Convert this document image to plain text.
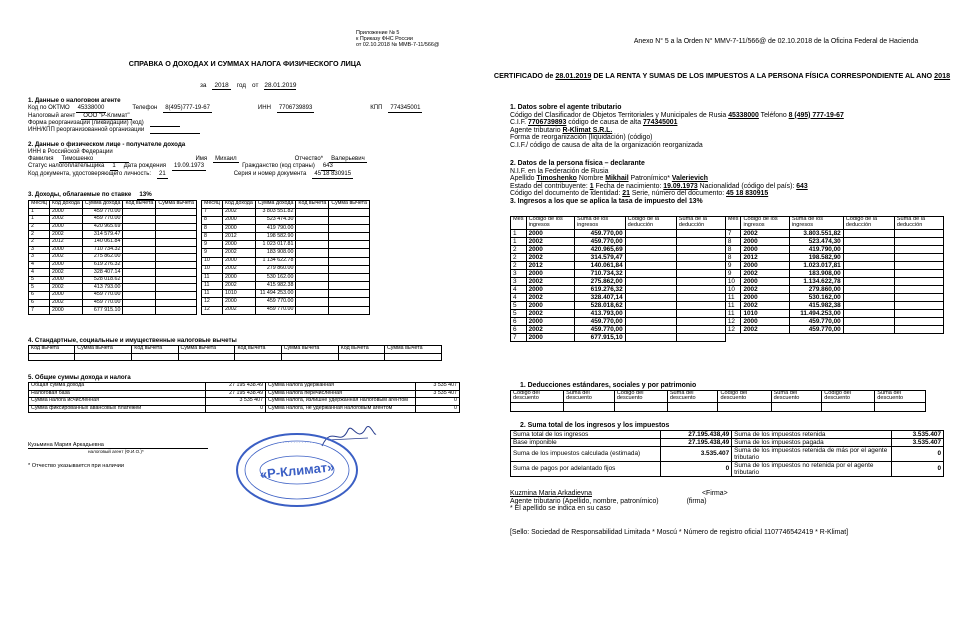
Приложение № 5
к Приказу ФНС России
от 02.10.2018 № ММВ-7-11/566@
СПРАВКА О ДОХОДАХ И СУММАХ НАЛОГА ФИЗИЧЕСКОГО ЛИЦА
за 2018 год от 28.01.2019
1. Данные о налоговом агенте
Код по ОКТМО	45338000	Телефон	8(495)777-19-67	ИНН	7706739893	КПП	774345001
Налоговый агент	ООО "Р-Климат"
Форма реорганизации (ликвидации) (код)
ИНН/КПП реорганизованной организации
2. Данные о физическом лице - получателе дохода
ИНН в Российской Федерации
Фамилия	Тимошенко	Имя	Михаил	Отчество*	Валерьевич
Статус налогоплательщика	1	Дата рождения	19.09.1973	Гражданство (код страны)	643
Код документа, удостоверяющего личность:	21	Серия и номер документа	45 18 830915
3. Доходы, облагаемые по ставке	13%
Месяц	Код дохода	Сумма дохода	Код вычета	Сумма вычета
1	2000	459 770.00		
1	2002	459 770.00		
2	2000	420 965.69		
2	2002	314 579.47		
2	2012	140 061.84		
3	2000	710 734.32		
3	2002	275 862.00		
4	2000	619 276.32		
4	2002	328 407.14		
5	2000	528 018.62		
5	2002	413 793.00		
6	2000	459 770.00		
6	2002	459 770.00		
7	2000	677 915.10		
Месяц	Код дохода	Сумма дохода	Код вычета	Сумма вычета
7	2002	3 803 551.82		
8	2000	523 474.30		
8	2000	419 790.00		
8	2012	198 582.90		
9	2000	1 023 017.81		
9	2002	183 908.00		
10	2000	1 134 622.78		
10	2002	279 860.00		
11	2000	530 162.00		
11	2002	415 982.38		
11	1010	11 494 253.00		
12	2000	459 770.00		
12	2002	459 770.00		
4. Стандартные, социальные и имущественные налоговые вычеты
Код вычета	Сумма вычета	Код вычета	Сумма вычета	Код вычета	Сумма вычета	Код вычета	Сумма вычета

5. Общие суммы дохода и налога
Общая сумма дохода	27 195 438.49	Сумма налога удержанная	3 535 407
Налоговая база	27 195 438.49	Сумма налога перечисленная	3 535 407
Сумма налога исчисленная	3 535 407	Сумма налога, излишне удержанная налоговым агентом	0
Сумма фиксированных авансовых платежей	0	Сумма налога, не удержанная налоговым агентом	0
Кузьмина Мария Аркадьевна
налоговый агент (Ф.И.О.)*
* Отчество указывается при наличии	«Р-Климат»
· · · · · · · · · · · · · · ·
Anexo N° 5 a la Orden N° MMV-7-11/566@ de 02.10.2018 de la Oficina Federal de Hacienda
CERTIFICADO de 28.01.2019 DE LA RENTA Y SUMAS DE LOS IMPUESTOS A LA PERSONA FÍSICA CORRESPONDIENTE AL ANO 2018
1. Datos sobre el agente tributario
Código del Clasificador de Objetos Territoriales y Municipales de Rusia 45338000 Teléfono 8 (495) 777-19-67
C.I.F. 7706739893 código de causa de alta 774345001
Agente tributario R-Klimat S.R.L.
Forma de reorganización (liquidación) (código)
C.I.F./ código de causa de alta de la organización reorganizada
2. Datos de la persona física – declarante
N.I.F. en la Federación de Rusia
Apellido Timoshenko Nombre Mikhail Patronímico* Valerievich
Estado del contribuyente: 1 Fecha de nacimiento: 19.09.1973 Nacionalidad (código del país): 643
Código del documento de identidad: 21 Serie, número del documento: 45 18 830915
3. Ingresos a los que se aplica la tasa de impuesto del 13%
Mes	Código de los ingresos	Suma de los ingresos	Código de la deducción	Suma de la deducción	Mes	Código de los ingresos	Suma de los ingresos	Código de la deducción	Suma de la deducción
1	2000	459.770,00			7	2002	3.803.551,82		
1	2002	459.770,00			8	2000	523.474,30		
2	2000	420.965,69			8	2000	419.790,00		
2	2002	314.579,47			8	2012	198.582,90		
2	2012	140.061,84			9	2000	1.023.017,81		
3	2000	710.734,32			9	2002	183.908,00		
3	2002	275.862,00			10	2000	1.134.622,78		
4	2000	619.276,32			10	2002	279.860,00		
4	2002	328.407,14			11	2000	530.162,00		
5	2000	528.018,62			11	2002	415.982,38		
5	2002	413.793,00			11	1010	11.494.253,00		
6	2000	459.770,00			12	2000	459.770,00		
6	2002	459.770,00			12	2002	459.770,00		
7	2000	677.915,10							
1. Deducciones estándares, sociales y por patrimonio
Código del descuento	Suma del descuento	Código del descuento	Suma del descuento	Código del descuento	Suma del descuento	Código del descuento	Suma del descuento

2. Suma total de los ingresos y los impuestos
Suma total de los ingresos	27.195.438,49	Suma de los impuestos retenida	3.535.407
Base imponible	27.195.438,49	Suma de los impuestos pagada	3.535.407
Suma de los impuestos calculada (estimada)	3.535.407	Suma de los impuestos retenida de más por el agente tributario	0
Suma de pagos por adelantado fijos	0	Suma de los impuestos no retenida por el agente tributario	0
Kuzmina Maria Arkadievna	<Firma>
Agente tributario (Apellido, nombre, patronímico)	(firma)
* El apellido se indica en su caso
[Sello: Sociedad de Responsabilidad Limitada * Moscú * Número de registro oficial 1107746542419 * R-Klimat]
